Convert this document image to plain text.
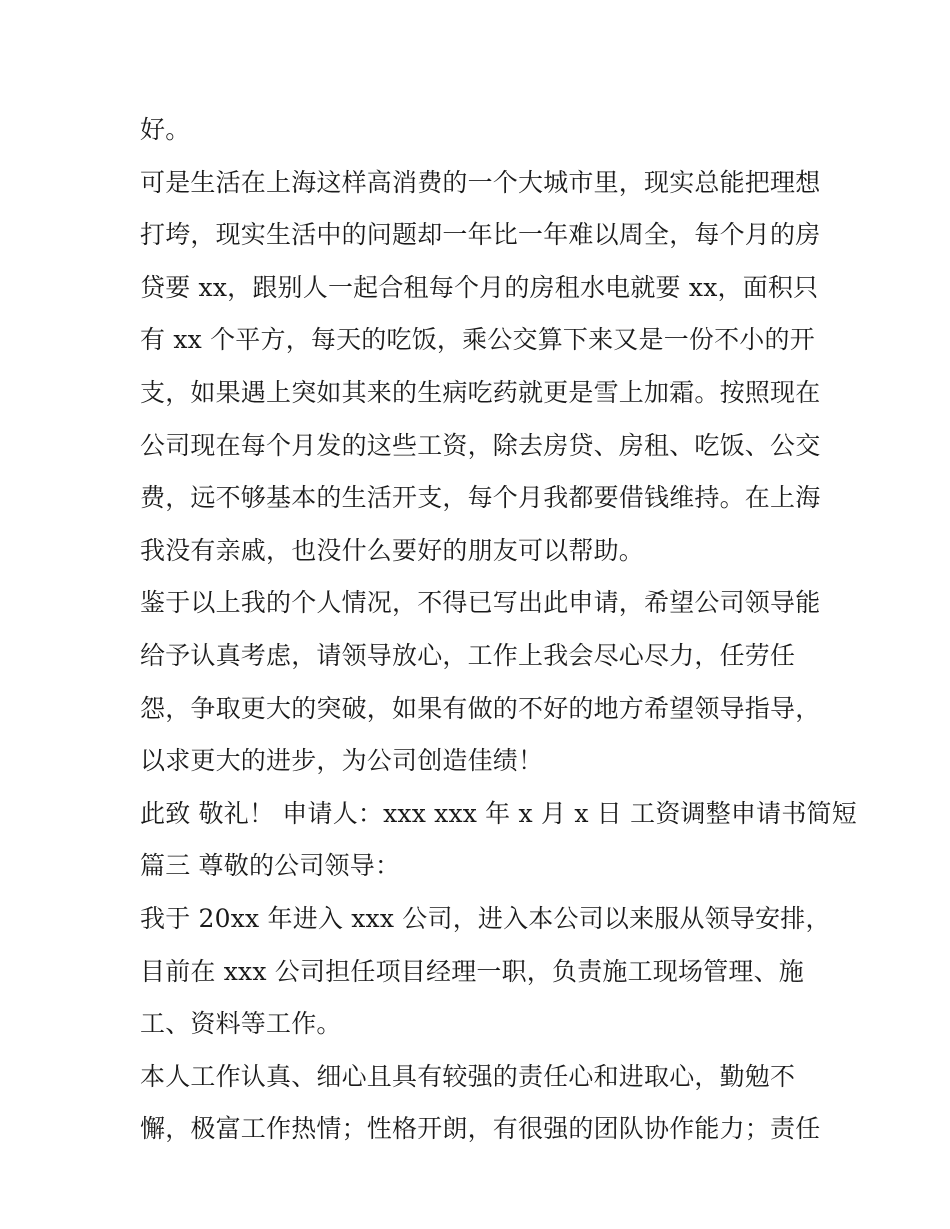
好。
可是生活在上海这样高消费的一个大城市里，现实总能把理想
打垮，现实生活中的问题却一年比一年难以周全，每个月的房
贷要 xx，跟别人一起合租每个月的房租水电就要 xx，面积只
有 xx 个平方，每天的吃饭，乘公交算下来又是一份不小的开
支，如果遇上突如其来的生病吃药就更是雪上加霜。按照现在
公司现在每个月发的这些工资，除去房贷、房租、吃饭、公交
费，远不够基本的生活开支，每个月我都要借钱维持。在上海
我没有亲戚，也没什么要好的朋友可以帮助。
鉴于以上我的个人情况，不得已写出此申请，希望公司领导能
给予认真考虑，请领导放心，工作上我会尽心尽力，任劳任
怨，争取更大的突破，如果有做的不好的地方希望领导指导，
以求更大的进步，为公司创造佳绩！
此致 敬礼！ 申请人：xxx xxx 年 x 月 x 日 工资调整申请书简短
篇三 尊敬的公司领导：
我于 20xx 年进入 xxx 公司，进入本公司以来服从领导安排，
目前在 xxx 公司担任项目经理一职，负责施工现场管理、施
工、资料等工作。
本人工作认真、细心且具有较强的责任心和进取心，勤勉不
懈，极富工作热情；性格开朗，有很强的团队协作能力；责任
